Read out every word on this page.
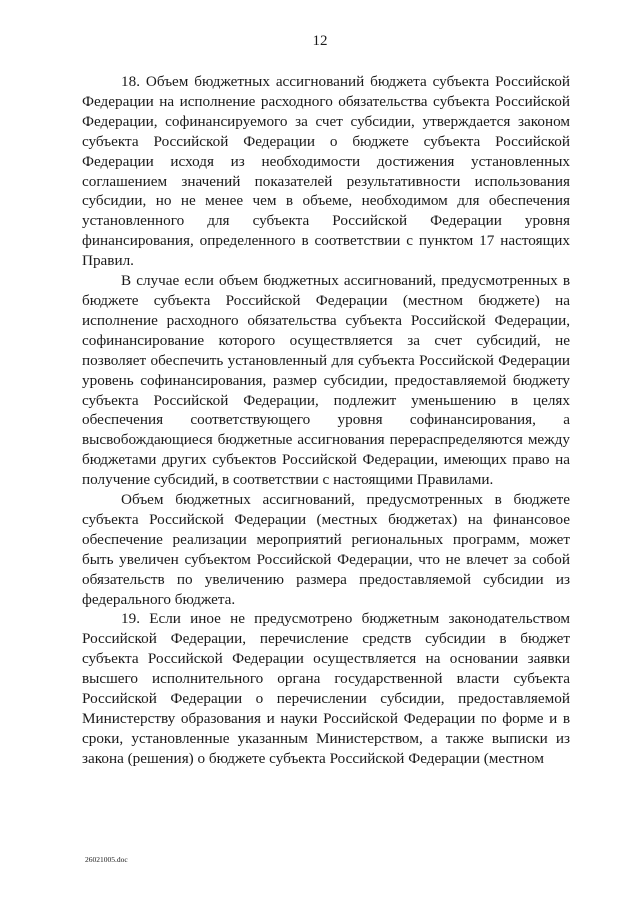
12

18. Объем бюджетных ассигнований бюджета субъекта Российской Федерации на исполнение расходного обязательства субъекта Российской Федерации, софинансируемого за счет субсидии, утверждается законом субъекта Российской Федерации о бюджете субъекта Российской Федерации исходя из необходимости достижения установленных соглашением значений показателей результативности использования субсидии, но не менее чем в объеме, необходимом для обеспечения установленного для субъекта Российской Федерации уровня финансирования, определенного в соответствии с пунктом 17 настоящих Правил.

В случае если объем бюджетных ассигнований, предусмотренных в бюджете субъекта Российской Федерации (местном бюджете) на исполнение расходного обязательства субъекта Российской Федерации, софинансирование которого осуществляется за счет субсидий, не позволяет обеспечить установленный для субъекта Российской Федерации уровень софинансирования, размер субсидии, предоставляемой бюджету субъекта Российской Федерации, подлежит уменьшению в целях обеспечения соответствующего уровня софинансирования, а высвобождающиеся бюджетные ассигнования перераспределяются между бюджетами других субъектов Российской Федерации, имеющих право на получение субсидий, в соответствии с настоящими Правилами.

Объем бюджетных ассигнований, предусмотренных в бюджете субъекта Российской Федерации (местных бюджетах) на финансовое обеспечение реализации мероприятий региональных программ, может быть увеличен субъектом Российской Федерации, что не влечет за собой обязательств по увеличению размера предоставляемой субсидии из федерального бюджета.

19. Если иное не предусмотрено бюджетным законодательством Российской Федерации, перечисление средств субсидии в бюджет субъекта Российской Федерации осуществляется на основании заявки высшего исполнительного органа государственной власти субъекта Российской Федерации о перечислении субсидии, предоставляемой Министерству образования и науки Российской Федерации по форме и в сроки, установленные указанным Министерством, а также выписки из закона (решения) о бюджете субъекта Российской Федерации (местном

26021005.doc
